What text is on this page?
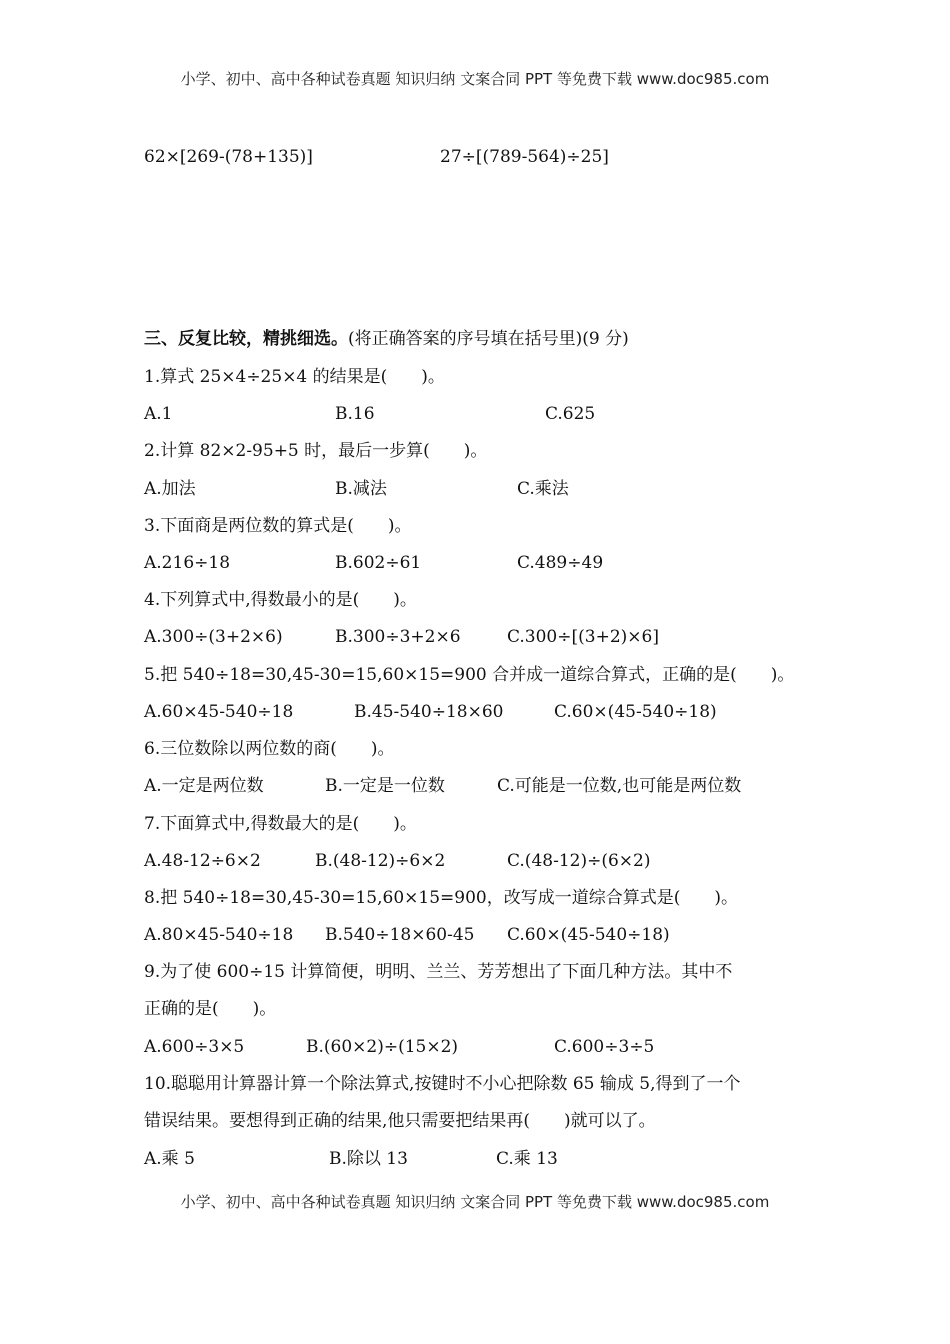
小学、初中、高中各种试卷真题 知识归纳 文案合同 PPT 等免费下载 www.doc985.com
62×[269-(78+135)]	27÷[(789-564)÷25]
三、反复比较，精挑细选。(将正确答案的序号填在括号里)(9 分)
1.算式 25×4÷25×4 的结果是(　　)。
A.1	B.16	C.625
2.计算 82×2-95+5 时，最后一步算(　　)。
A.加法	B.减法	C.乘法
3.下面商是两位数的算式是(　　)。
A.216÷18	B.602÷61	C.489÷49
4.下列算式中,得数最小的是(　　)。
A.300÷(3+2×6)	B.300÷3+2×6	C.300÷[(3+2)×6]
5.把 540÷18=30,45-30=15,60×15=900 合并成一道综合算式，正确的是(　　)。
A.60×45-540÷18	B.45-540÷18×60	C.60×(45-540÷18)
6.三位数除以两位数的商(　　)。
A.一定是两位数	B.一定是一位数	C.可能是一位数,也可能是两位数
7.下面算式中,得数最大的是(　　)。
A.48-12÷6×2	B.(48-12)÷6×2	C.(48-12)÷(6×2)
8.把 540÷18=30,45-30=15,60×15=900，改写成一道综合算式是(　　)。
A.80×45-540÷18 B.540÷18×60-45 C.60×(45-540÷18)
9.为了使 600÷15 计算简便，明明、兰兰、芳芳想出了下面几种方法。其中不
正确的是(　　)。
A.600÷3×5	B.(60×2)÷(15×2)	C.600÷3÷5
10.聪聪用计算器计算一个除法算式,按键时不小心把除数 65 输成 5,得到了一个
错误结果。要想得到正确的结果,他只需要把结果再(　　)就可以了。
A.乘 5	B.除以 13	C.乘 13
小学、初中、高中各种试卷真题 知识归纳 文案合同 PPT 等免费下载 www.doc985.com
